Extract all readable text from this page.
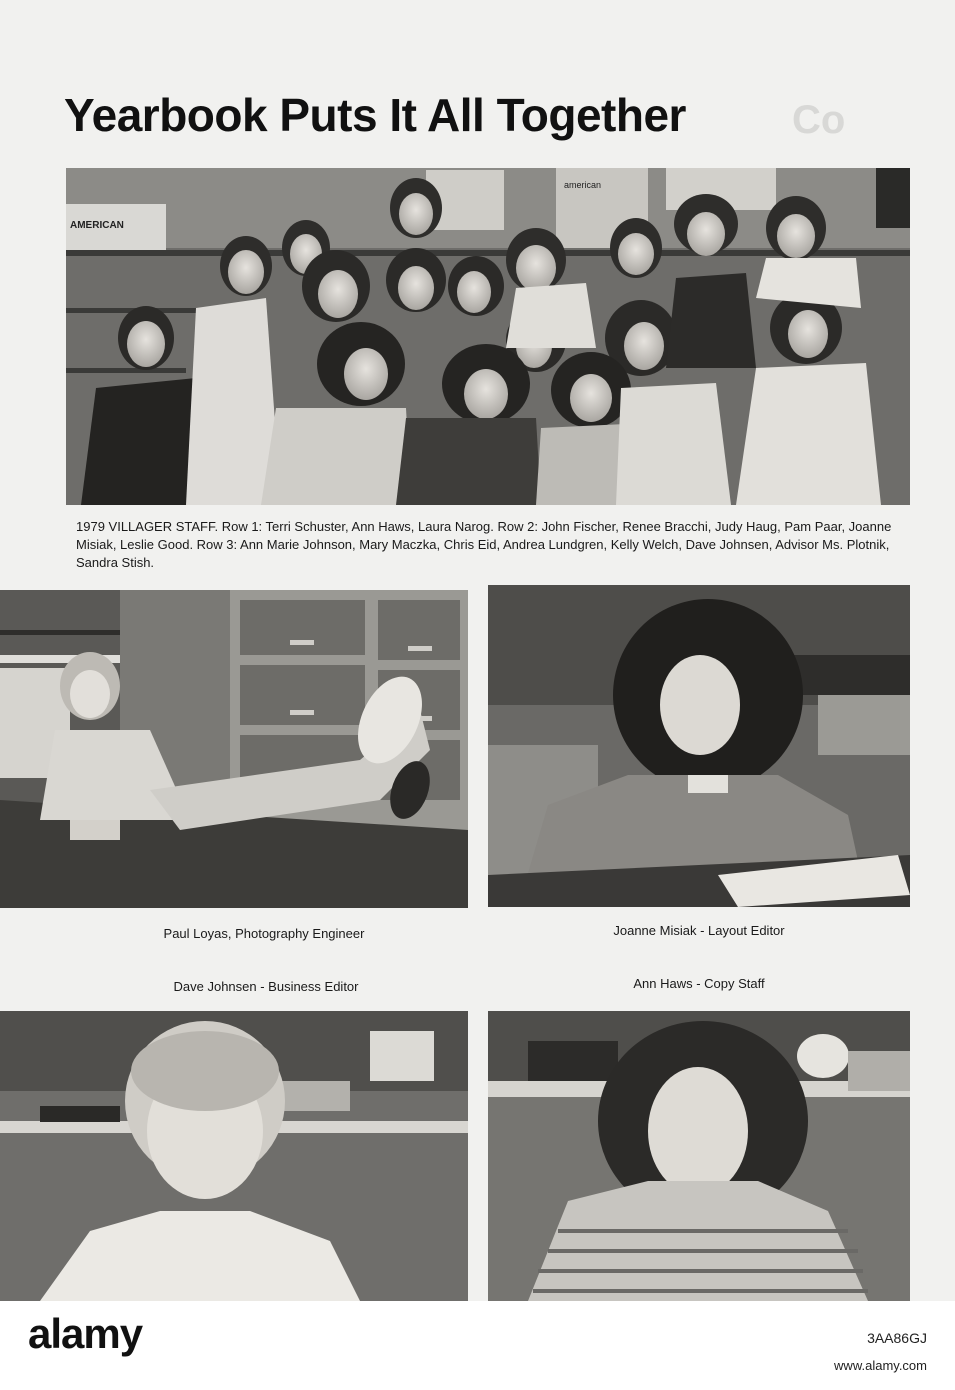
Yearbook Puts It All Together	Co
AMERICAN
american

1979 VILLAGER STAFF. Row 1: Terri Schuster, Ann Haws, Laura Narog. Row 2: John Fischer, Renee Bracchi, Judy Haug, Pam Paar, Joanne Misiak, Leslie Good. Row 3: Ann Marie Johnson, Mary Maczka, Chris Eid, Andrea Lundgren, Kelly Welch, Dave Johnsen, Advisor Ms. Plotnik, Sandra Stish.

Paul Loyas, Photography Engineer	Joanne Misiak - Layout Editor
Dave Johnsen - Business Editor	Ann Haws - Copy Staff
alamy	3AA86GJ
www.alamy.com
